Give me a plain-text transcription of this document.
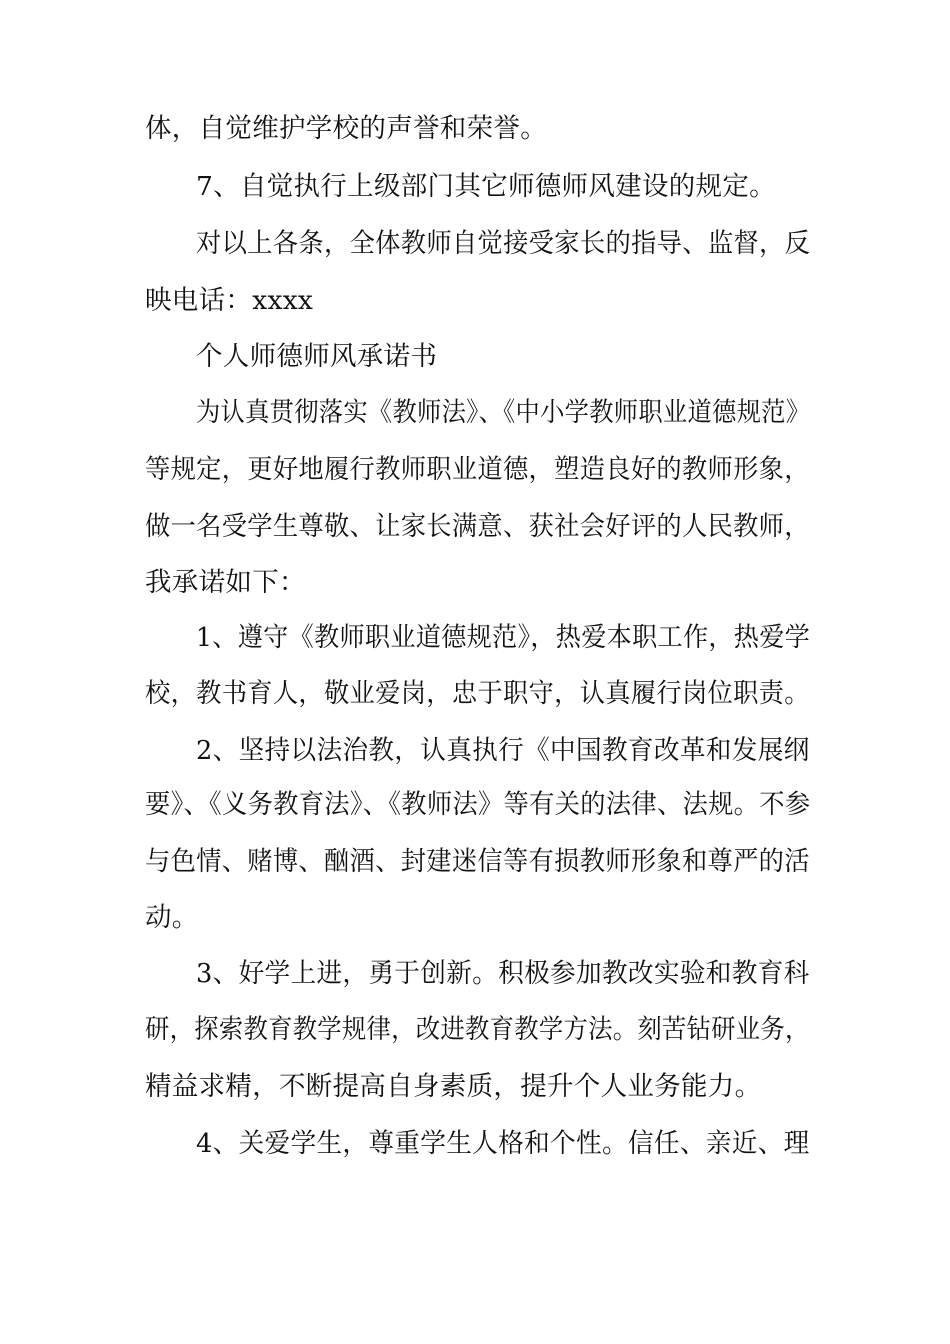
体，自觉维护学校的声誉和荣誉。
7、自觉执行上级部门其它师德师风建设的规定。
对以上各条，全体教师自觉接受家长的指导、监督，反
映电话：xxxx
个人师德师风承诺书
为认真贯彻落实《教师法》、《中小学教师职业道德规范》
等规定，更好地履行教师职业道德，塑造良好的教师形象，
做一名受学生尊敬、让家长满意、获社会好评的人民教师，
我承诺如下：
1、遵守《教师职业道德规范》，热爱本职工作，热爱学
校，教书育人，敬业爱岗，忠于职守，认真履行岗位职责。
2、坚持以法治教，认真执行《中国教育改革和发展纲
要》、《义务教育法》、《教师法》等有关的法律、法规。不参
与色情、赌博、酗酒、封建迷信等有损教师形象和尊严的活
动。
3、好学上进，勇于创新。积极参加教改实验和教育科
研，探索教育教学规律，改进教育教学方法。刻苦钻研业务，
精益求精，不断提高自身素质，提升个人业务能力。
4、关爱学生，尊重学生人格和个性。信任、亲近、理
